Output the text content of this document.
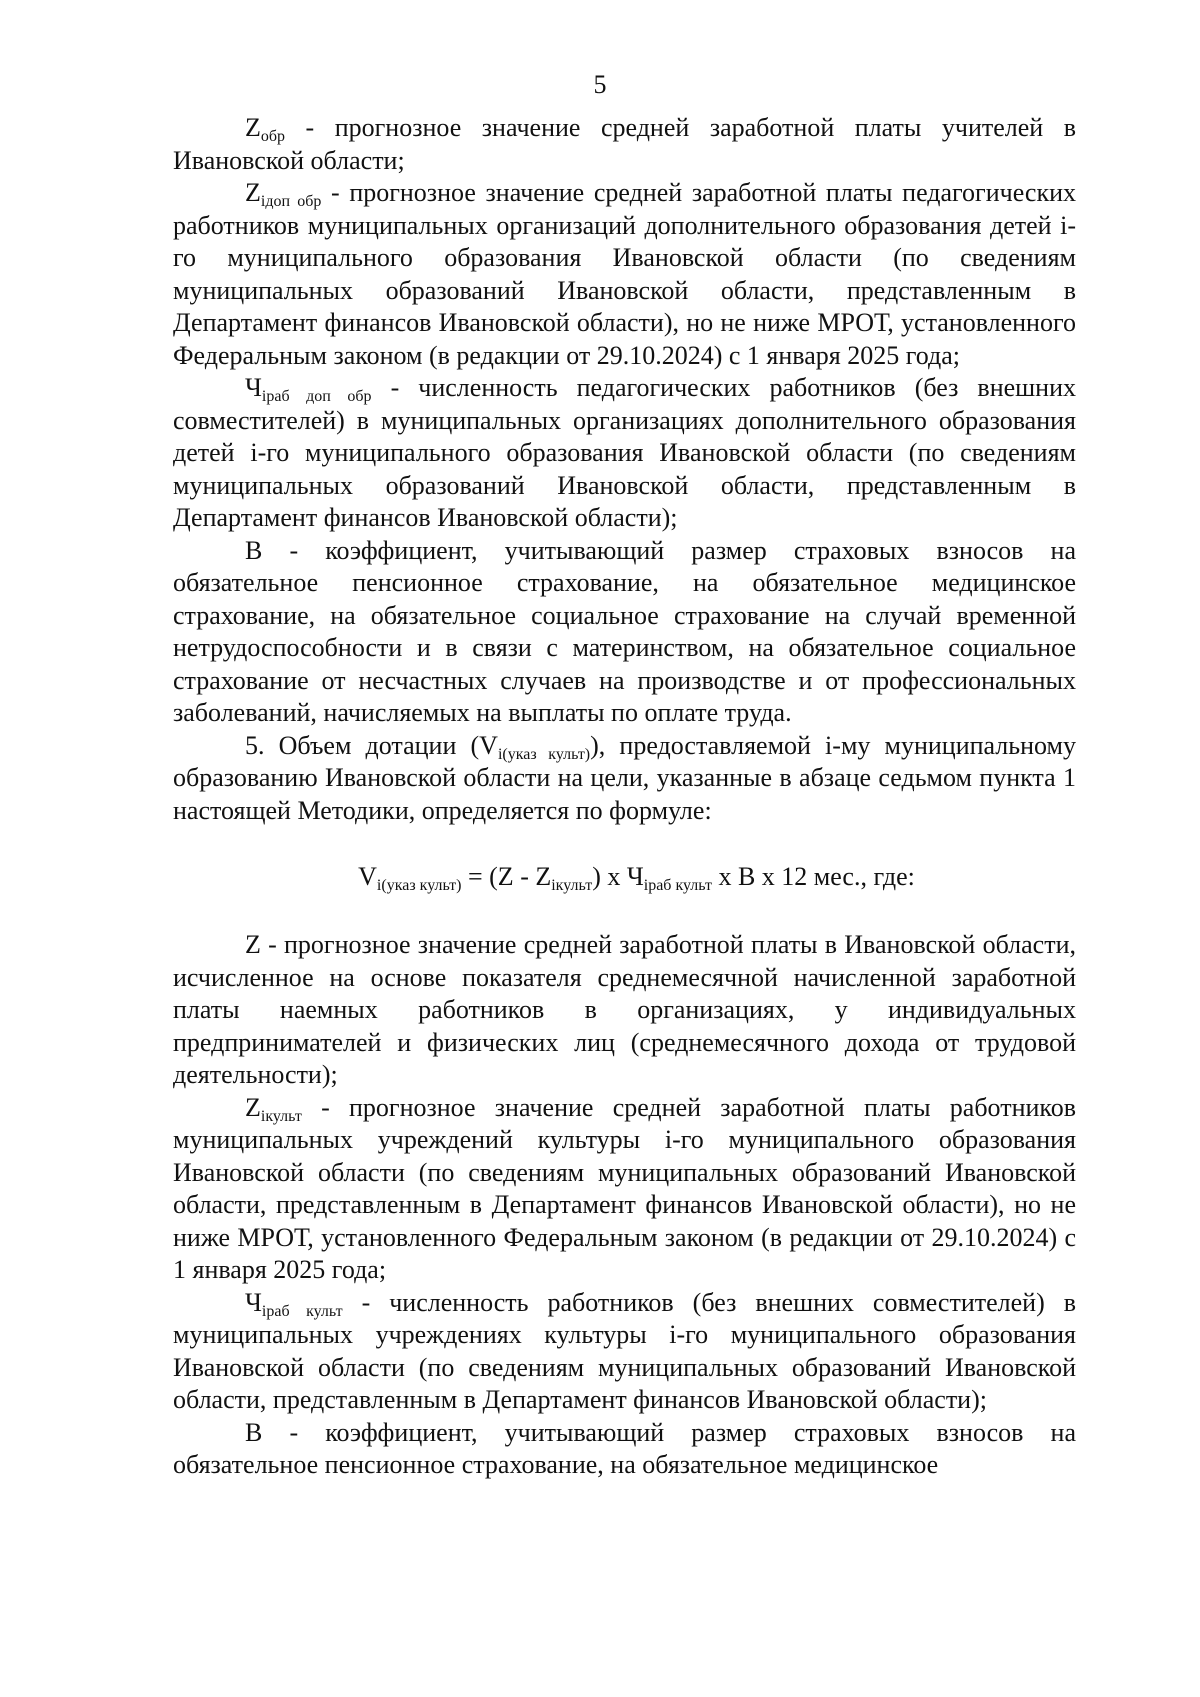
5

$Z_{обр}$ - прогнозное значение средней заработной платы учителей в Ивановской области;

$Z_{iдоп обр}$ - прогнозное значение средней заработной платы педагогических работников муниципальных организаций дополнительного образования детей i-го муниципального образования Ивановской области (по сведениям муниципальных образований Ивановской области, представленным в Департамент финансов Ивановской области), но не ниже МРОТ, установленного Федеральным законом (в редакции от 29.10.2024) с 1 января 2025 года;

$Ч_{iраб доп обр}$ - численность педагогических работников (без внешних совместителей) в муниципальных организациях дополнительного образования детей i-го муниципального образования Ивановской области (по сведениям муниципальных образований Ивановской области, представленным в Департамент финансов Ивановской области);

В - коэффициент, учитывающий размер страховых взносов на обязательное пенсионное страхование, на обязательное медицинское страхование, на обязательное социальное страхование на случай временной нетрудоспособности и в связи с материнством, на обязательное социальное страхование от несчастных случаев на производстве и от профессиональных заболеваний, начисляемых на выплаты по оплате труда.

5. Объем дотации $(V_{i(указ культ)})$, предоставляемой i-му муниципальному образованию Ивановской области на цели, указанные в абзаце седьмом пункта 1 настоящей Методики, определяется по формуле:

$V_{i(указ культ)} = (Z - Z_{iкульт})$ x $Ч_{iраб культ}$ x В x 12 мес., где:

Z - прогнозное значение средней заработной платы в Ивановской области, исчисленное на основе показателя среднемесячной начисленной заработной платы наемных работников в организациях, у индивидуальных предпринимателей и физических лиц (среднемесячного дохода от трудовой деятельности);

$Z_{iкульт}$ - прогнозное значение средней заработной платы работников муниципальных учреждений культуры i-го муниципального образования Ивановской области (по сведениям муниципальных образований Ивановской области, представленным в Департамент финансов Ивановской области), но не ниже МРОТ, установленного Федеральным законом (в редакции от 29.10.2024) с 1 января 2025 года;

$Ч_{iраб культ}$ - численность работников (без внешних совместителей) в муниципальных учреждениях культуры i-го муниципального образования Ивановской области (по сведениям муниципальных образований Ивановской области, представленным в Департамент финансов Ивановской области);

В - коэффициент, учитывающий размер страховых взносов на обязательное пенсионное страхование, на обязательное медицинское
